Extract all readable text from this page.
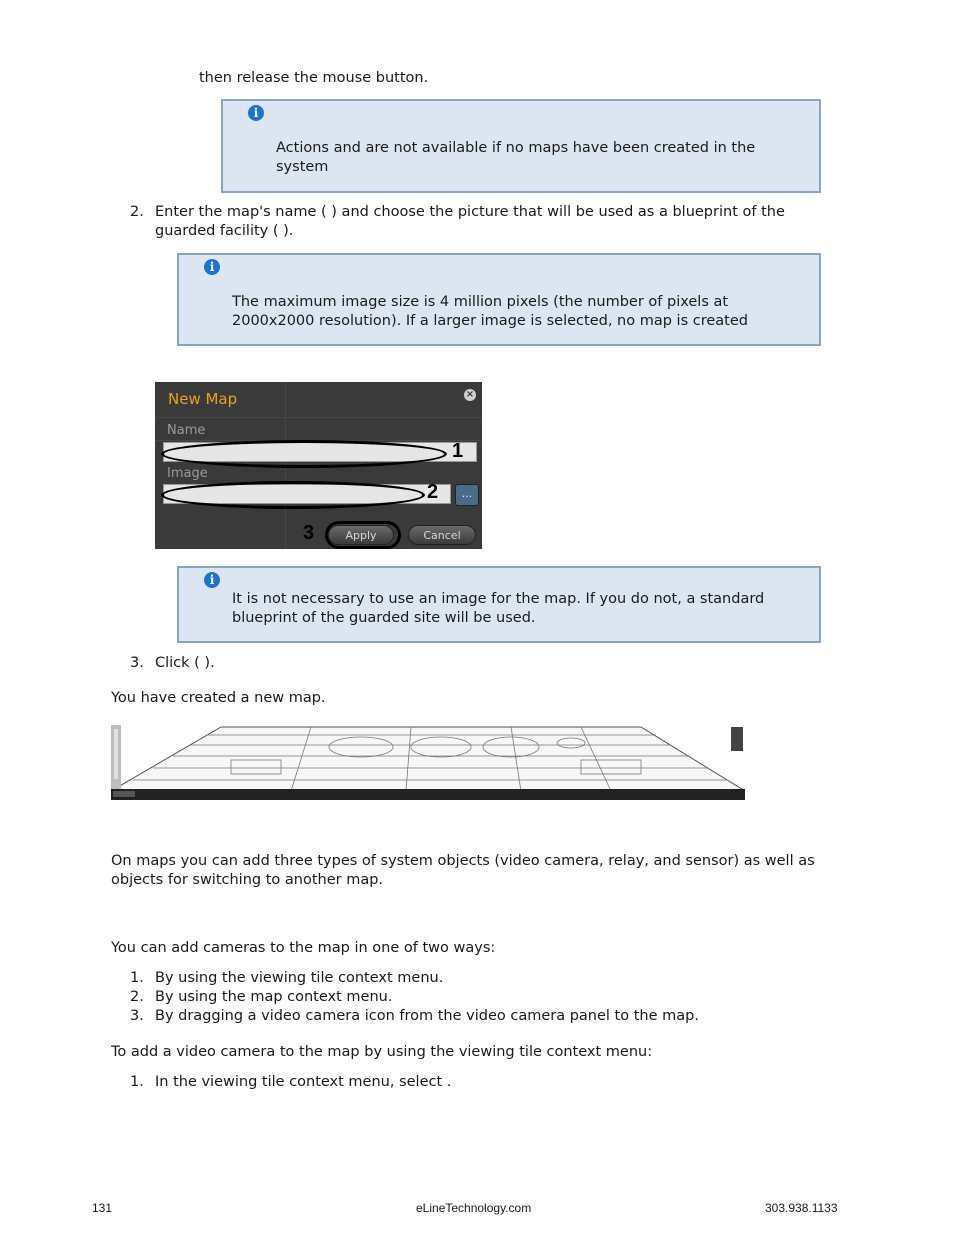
then release the mouse button.
i
Actions and are not available if no maps have been created in the
system
2. Enter the map's name ( ) and choose the picture that will be used as a blueprint of the
guarded facility ( ).
i
The maximum image size is 4 million pixels (the number of pixels at
2000x2000 resolution). If a larger image is selected, no map is created
New Map	×
Name
1
Image
2	...
3	Apply	Cancel
i
It is not necessary to use an image for the map. If you do not, a standard
blueprint of the guarded site will be used.
3. Click ( ).
You have created a new map.
On maps you can add three types of system objects (video camera, relay, and sensor) as well as
objects for switching to another map.
You can add cameras to the map in one of two ways:
1.
2.
3.
By using the viewing tile context menu.
By using the map context menu.
By dragging a video camera icon from the video camera panel to the map.
To add a video camera to the map by using the viewing tile context menu:
1. In the viewing tile context menu, select .
131	eLineTechnology.com	303.938.1133
